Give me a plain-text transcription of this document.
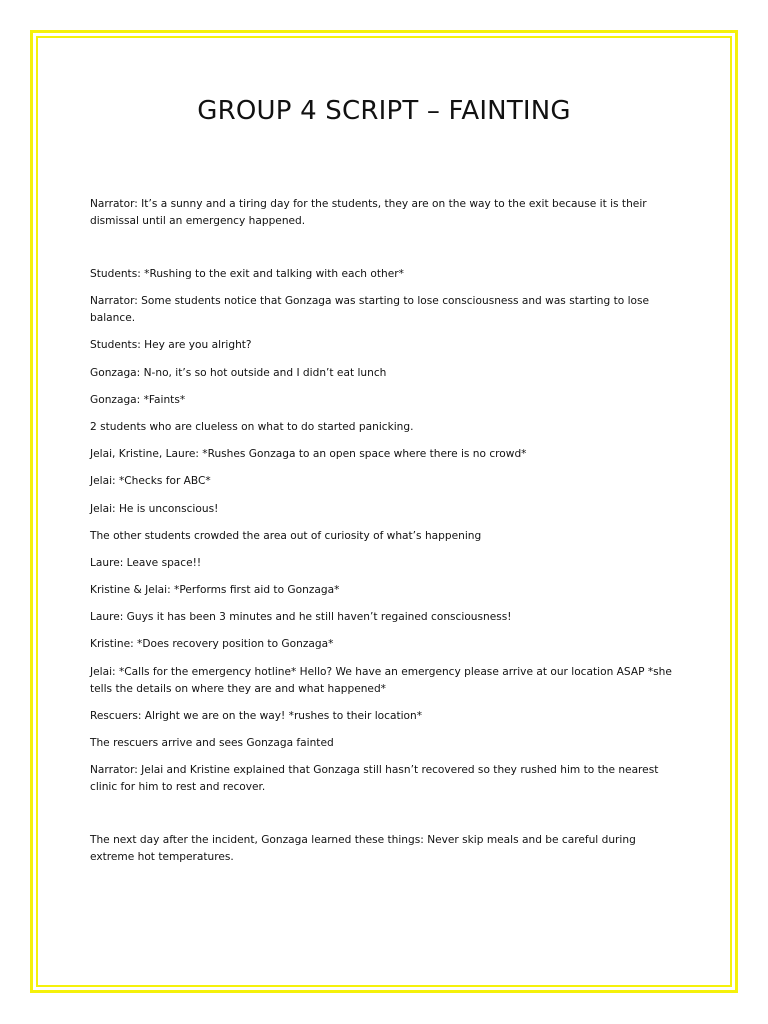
GROUP 4 SCRIPT – FAINTING

Narrator: It’s a sunny and a tiring day for the students, they are on the way to the exit because it is their dismissal until an emergency happened.

Students: *Rushing to the exit and talking with each other*

Narrator: Some students notice that Gonzaga was starting to lose consciousness and was starting to lose balance.

Students: Hey are you alright?

Gonzaga: N-no, it’s so hot outside and I didn’t eat lunch

Gonzaga: *Faints*

2 students who are clueless on what to do started panicking.

Jelai, Kristine, Laure: *Rushes Gonzaga to an open space where there is no crowd*

Jelai: *Checks for ABC*

Jelai: He is unconscious!

The other students crowded the area out of curiosity of what’s happening

Laure: Leave space!!

Kristine & Jelai: *Performs first aid to Gonzaga*

Laure: Guys it has been 3 minutes and he still haven’t regained consciousness!

Kristine: *Does recovery position to Gonzaga*

Jelai: *Calls for the emergency hotline* Hello? We have an emergency please arrive at our location ASAP *she tells the details on where they are and what happened*

Rescuers: Alright we are on the way! *rushes to their location*

The rescuers arrive and sees Gonzaga fainted

Narrator: Jelai and Kristine explained that Gonzaga still hasn’t recovered so they rushed him to the nearest clinic for him to rest and recover.

The next day after the incident, Gonzaga learned these things: Never skip meals and be careful during extreme hot temperatures.
